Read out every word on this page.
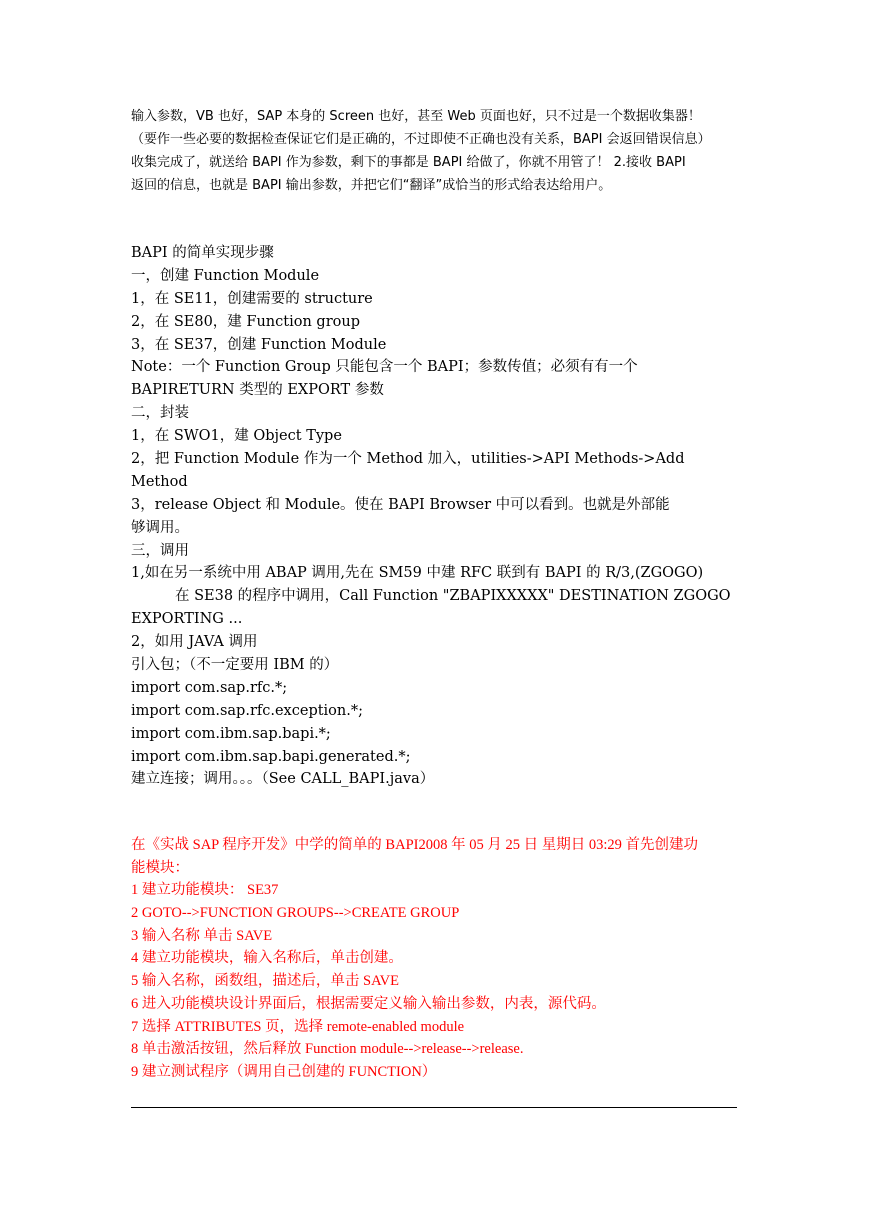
输入参数，VB 也好，SAP 本身的 Screen 也好，甚至 Web 页面也好，只不过是一个数据收集器！
（要作一些必要的数据检查保证它们是正确的，不过即使不正确也没有关系，BAPI 会返回错误信息）
收集完成了，就送给 BAPI 作为参数，剩下的事都是 BAPI 给做了，你就不用管了！ 2.接收 BAPI
返回的信息，也就是 BAPI 输出参数，并把它们“翻译”成恰当的形式给表达给用户。
BAPI 的简单实现步骤
一，创建 Function Module
1，在 SE11，创建需要的 structure
2，在 SE80，建 Function group
3，在 SE37，创建 Function Module
Note：一个 Function Group 只能包含一个 BAPI；参数传值；必须有有一个
BAPIRETURN 类型的 EXPORT 参数
二，封装
1，在 SWO1，建 Object Type
2，把 Function Module 作为一个 Method 加入，utilities->API Methods->Add
Method
3，release Object 和 Module。使在 BAPI Browser 中可以看到。也就是外部能
够调用。
三，调用
1,如在另一系统中用 ABAP 调用,先在 SM59 中建 RFC 联到有 BAPI 的 R/3,(ZGOGO)
在 SE38 的程序中调用，Call Function "ZBAPIXXXXX" DESTINATION ZGOGO
EXPORTING ...
2，如用 JAVA 调用
引入包；（不一定要用 IBM 的）
import com.sap.rfc.*;
import com.sap.rfc.exception.*;
import com.ibm.sap.bapi.*;
import com.ibm.sap.bapi.generated.*;
建立连接；调用。。。（See CALL_BAPI.java）
在《实战 SAP 程序开发》中学的简单的 BAPI2008 年 05 月 25 日 星期日 03:29 首先创建功
能模块：
1 建立功能模块： SE37
2 GOTO-->FUNCTION GROUPS-->CREATE GROUP
3 输入名称 单击 SAVE
4 建立功能模块，输入名称后，单击创建。
5 输入名称，函数组，描述后，单击 SAVE
6 进入功能模块设计界面后，根据需要定义输入输出参数，内表，源代码。
7 选择 ATTRIBUTES 页，选择 remote-enabled module
8 单击激活按钮，然后释放 Function module-->release-->release.
9 建立测试程序（调用自己创建的 FUNCTION）
